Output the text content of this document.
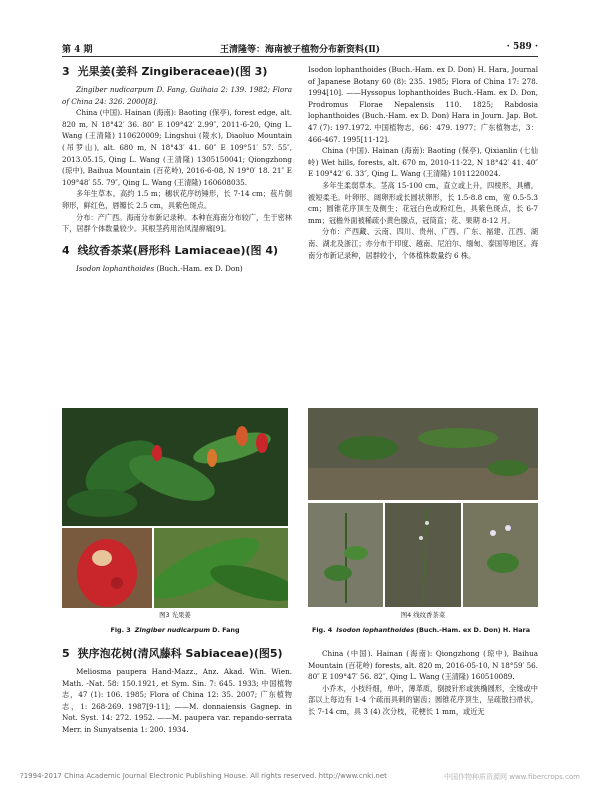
第 4 期	王清隆等：海南被子植物分布新资料(Ⅱ)	· 589 ·
3 光果姜(姜科 Zingiberaceae)(图 3)

Zingiber nudicarpum D. Fang, Guihaia 2: 139. 1982; Flora of China 24: 326. 2000[8].

China (中国). Hainan (海南): Baoting (保亭), forest edge, alt. 820 m, N 18°42′ 36. 80″ E 109°42′ 2.99″, 2011-6-20, Qing L. Wang (王清隆) 110620009; Lingshui (陵水), Diaoluo Mountain (吊罗山), alt. 680 m, N 18°43′ 41. 60″ E 109°51′ 57. 55″, 2013.05.15, Qing L. Wang (王清隆) 1305150041; Qiongzhong (琼中), Baihua Mountain (百花岭), 2016-6-08, N 19°0′ 18. 21″ E 109°48′ 55. 79″, Qing L. Wang (王清隆) 160608035.

多年生草本。高约 1.5 m；穗状花序纺锤形，长 7-14 cm；苞片倒卵形，鲜红色，唇瓣长 2.5 cm，具紫色斑点。

分布：产广西。海南分布新记录种。本种在海南分布较广，生于密林下，居群个体数量较少。其根茎药用治风湿痹痛[9]。

4 线纹香茶菜(唇形科 Lamiaceae)(图 4)

Isodon lophanthoides (Buch.-Ham. ex D. Don)

Isodon lophanthoides (Buch.-Ham. ex D. Don) H. Hara, Journal of Japanese Botany 60 (8): 235. 1985; Flora of China 17: 278. 1994[10]. ——Hyssopus lophanthoides Buch.-Ham. ex D. Don, Prodromus Florae Nepalensis 110. 1825; Rabdosia lophanthoides (Buch.-Ham. ex D. Don) Hara in Journ. Jap. Bot. 47 (7): 197.1972. 中国植物志，66：479. 1977；广东植物志，3：466-467. 1995[11-12].

China (中国). Hainan (海南): Baoting (保亭), Qixianlin (七仙岭) Wet hills, forests, alt. 670 m, 2010-11-22, N 18°42′ 41. 40″ E 109°42′ 6. 33″, Qing L. Wang (王清隆) 1011220024.

多年生柔弱草本。茎高 15-100 cm，直立或上升，四棱形，具槽，被短柔毛。叶卵形、阔卵形或长圆状卵形，长 1.5-8.8 cm，宽 0.5-5.3 cm；圆锥花序顶生及侧生；花冠白色或粉红色，具紫色斑点，长 6-7 mm；冠檐外面被稀疏小黄色腺点，冠筒直；花、果期 8-12 月。

分布：产西藏、云南、四川、贵州、广西、广东、福建、江西、湖南、湖北及浙江；亦分布于印度、越南、尼泊尔、缅甸、泰国等地区。海南分布新记录种，居群较小，个体植株数量约 6 株。

图3 光果姜
Fig. 3 Zingiber nudicarpum D. Fang
图4 线纹香茶菜
Fig. 4 Isodon lophanthoides (Buch.-Ham. ex D. Don) H. Hara
5 狭序泡花树(清风藤科 Sabiaceae)(图5)

Meliosma paupera Hand-Mazz., Anz. Akad. Win. Wien. Math. -Nat. 58: 150.1921, et Sym. Sin. 7: 645. 1933; 中国植物志，47 (1): 106. 1985; Flora of China 12: 35. 2007; 广东植物志，1: 268-269. 1987[9-11]; ——M. donnaiensis Gagnep. in Not. Syst. 14: 272. 1952. ——M. paupera var. repando-serrata Merr. in Sunyatsenia 1: 200. 1934.

China (中国). Hainan (海南): Qiongzhong (琼中), Baihua Mountain (百花岭) forests, alt. 820 m, 2016-05-10, N 18°59′ 56. 80″ E 109°47′ 56. 82″, Qing L. Wang (王清隆) 160510089.

小乔木，小枝纤细，单叶，薄革质，倒披针形或狭椭圆形，全缘或中部以上每边有 1-4 个疏而具刺的锯齿；圆锥花序顶生，呈疏散扫帚状，长 7-14 cm，具 3 (4) 次分枝，花梗长 1 mm，或近无

?1994-2017 China Academic Journal Electronic Publishing House. All rights reserved. http://www.cnki.net	中国作物种质资源网 www.fibercrops.com
